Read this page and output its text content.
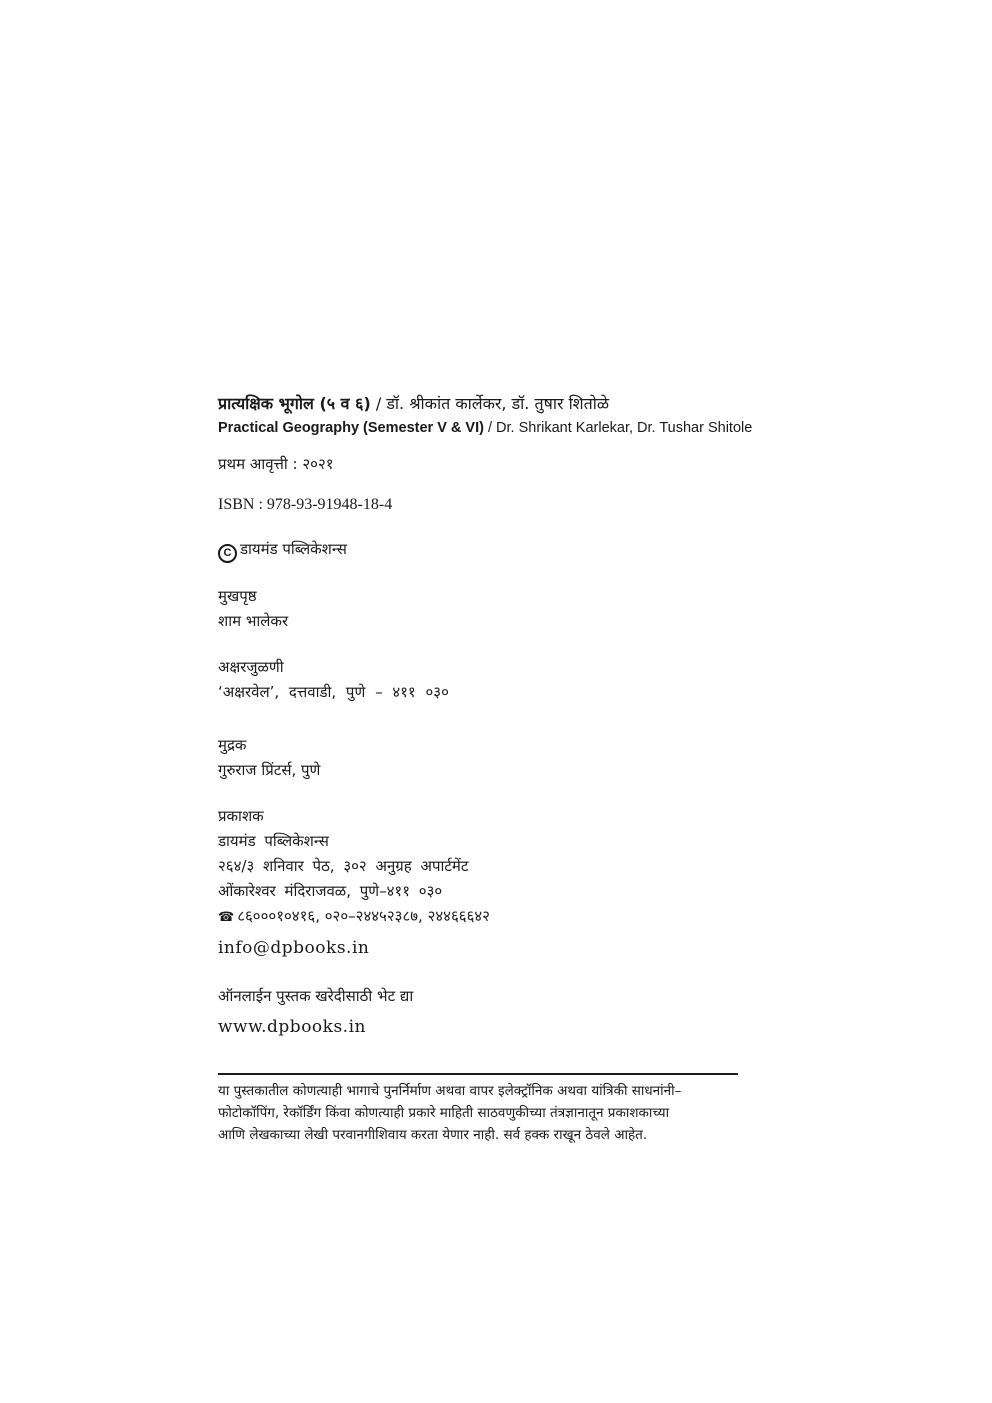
प्रात्यक्षिक भूगोल (५ व ६) / डॉ. श्रीकांत कार्लेकर, डॉ. तुषार शितोळे
Practical Geography (Semester V & VI) / Dr. Shrikant Karlekar, Dr. Tushar Shitole
प्रथम आवृत्ती : २०२१
ISBN : 978-93-91948-18-4
C डायमंड पब्लिकेशन्स
मुखपृष्ठ
शाम भालेकर
अक्षरजुळणी
‘अक्षरवेल’, दत्तवाडी, पुणे – ४११ ०३०
मुद्रक
गुरुराज प्रिंटर्स, पुणे
प्रकाशक
डायमंड पब्लिकेशन्स
२६४/३ शनिवार पेठ, ३०२ अनुग्रह अपार्टमेंट
ओंकारेश्वर मंदिराजवळ, पुणे–४११ ०३०
☎ ८६०००१०४१६, ०२०–२४४५२३८७, २४४६६६४२
info@dpbooks.in
ऑनलाईन पुस्तक खरेदीसाठी भेट द्या
www.dpbooks.in
या पुस्तकातील कोणत्याही भागाचे पुनर्निर्माण अथवा वापर इलेक्ट्रॉनिक अथवा यांत्रिकी साधनांनी–
फोटोकॉपिंग, रेकॉर्डिंग किंवा कोणत्याही प्रकारे माहिती साठवणुकीच्या तंत्रज्ञानातून प्रकाशकाच्या
आणि लेखकाच्या लेखी परवानगीशिवाय करता येणार नाही. सर्व हक्क राखून ठेवले आहेत.
